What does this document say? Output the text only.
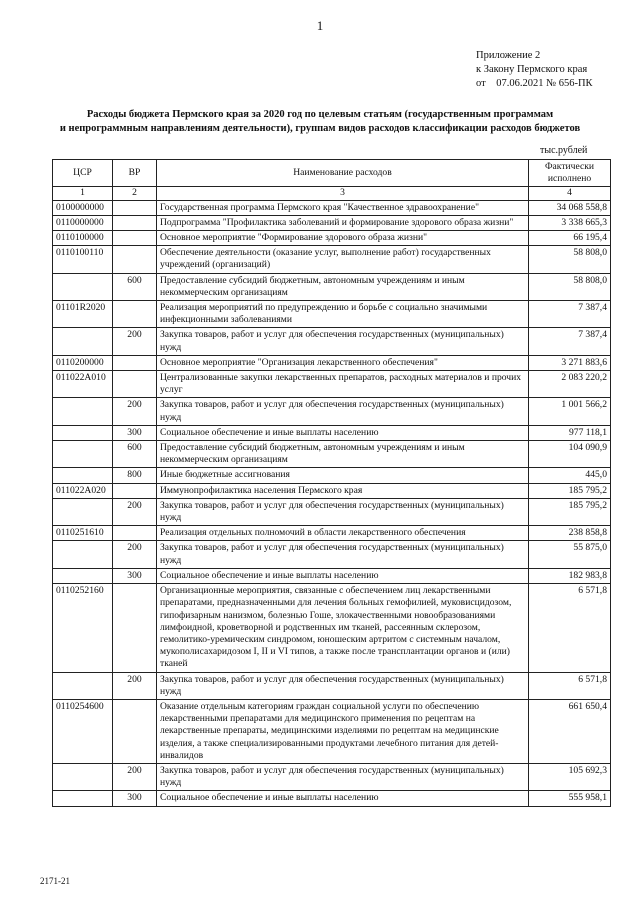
1
Приложение 2
к Закону Пермского края
от    07.06.2021 № 656-ПК
Расходы бюджета Пермского края за 2020 год по целевым статьям (государственным программам
и непрограммным направлениям деятельности), группам видов расходов классификации расходов бюджетов
тыс.рублей
ЦСР	ВР	Наименование расходов	Фактически исполнено
1	2	3	4
0100000000		Государственная программа Пермского края "Качественное здравоохранение"	34 068 558,8
0110000000		Подпрограмма "Профилактика заболеваний и формирование здорового образа жизни"	3 338 665,3
0110100000		Основное мероприятие "Формирование здорового образа жизни"	66 195,4
0110100110		Обеспечение деятельности (оказание услуг, выполнение работ) государственных учреждений (организаций)	58 808,0
	600	Предоставление субсидий бюджетным, автономным учреждениям и иным некоммерческим организациям	58 808,0
01101R2020		Реализация мероприятий по предупреждению и борьбе с социально значимыми инфекционными заболеваниями	7 387,4
	200	Закупка товаров, работ и услуг для обеспечения государственных (муниципальных) нужд	7 387,4
0110200000		Основное мероприятие "Организация лекарственного обеспечения"	3 271 883,6
011022A010		Централизованные закупки лекарственных препаратов, расходных материалов и прочих услуг	2 083 220,2
	200	Закупка товаров, работ и услуг для обеспечения государственных (муниципальных) нужд	1 001 566,2
	300	Социальное обеспечение и иные выплаты населению	977 118,1
	600	Предоставление субсидий бюджетным, автономным учреждениям и иным некоммерческим организациям	104 090,9
	800	Иные бюджетные ассигнования	445,0
011022A020		Иммунопрофилактика населения Пермского края	185 795,2
	200	Закупка товаров, работ и услуг для обеспечения государственных (муниципальных) нужд	185 795,2
0110251610		Реализация отдельных полномочий в области лекарственного обеспечения	238 858,8
	200	Закупка товаров, работ и услуг для обеспечения государственных (муниципальных) нужд	55 875,0
	300	Социальное обеспечение и иные выплаты населению	182 983,8
0110252160		Организационные мероприятия, связанные с обеспечением лиц лекарственными препаратами, предназначенными для лечения больных гемофилией, муковисцидозом, гипофизарным нанизмом, болезнью Гоше, злокачественными новообразованиями лимфоидной, кроветворной и родственных им тканей, рассеянным склерозом, гемолитико-уремическим синдромом, юношеским артритом с системным началом, мукополисахаридозом I, II и VI типов, а также после трансплантации органов и (или) тканей	6 571,8
	200	Закупка товаров, работ и услуг для обеспечения государственных (муниципальных) нужд	6 571,8
0110254600		Оказание отдельным категориям граждан социальной услуги по обеспечению лекарственными препаратами для медицинского применения по рецептам на лекарственные препараты, медицинскими изделиями по рецептам на медицинские изделия, а также специализированными продуктами лечебного питания для детей-инвалидов	661 650,4
	200	Закупка товаров, работ и услуг для обеспечения государственных (муниципальных) нужд	105 692,3
	300	Социальное обеспечение и иные выплаты населению	555 958,1
2171-21
